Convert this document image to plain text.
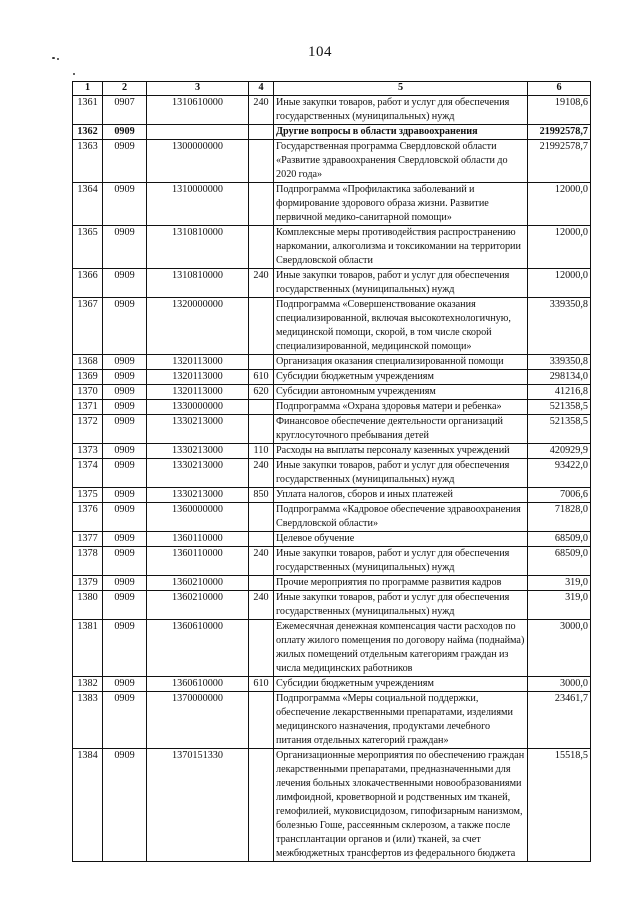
104
1	2	3	4	5	6
1361	0907	1310610000	240	Иные закупки товаров, работ и услуг для обеспечения государственных (муниципальных) нужд	19108,6
1362	0909			Другие вопросы в области здравоохранения	21992578,7
1363	0909	1300000000		Государственная программа Свердловской области «Развитие здравоохранения Свердловской области до 2020 года»	21992578,7
1364	0909	1310000000		Подпрограмма «Профилактика заболеваний и формирование здорового образа жизни. Развитие первичной медико-санитарной помощи»	12000,0
1365	0909	1310810000		Комплексные меры противодействия распространению наркомании, алкоголизма и токсикомании на территории Свердловской области	12000,0
1366	0909	1310810000	240	Иные закупки товаров, работ и услуг для обеспечения государственных (муниципальных) нужд	12000,0
1367	0909	1320000000		Подпрограмма «Совершенствование оказания специализированной, включая высокотехнологичную, медицинской помощи, скорой, в том числе скорой специализированной, медицинской помощи»	339350,8
1368	0909	1320113000		Организация оказания специализированной помощи	339350,8
1369	0909	1320113000	610	Субсидии бюджетным учреждениям	298134,0
1370	0909	1320113000	620	Субсидии автономным учреждениям	41216,8
1371	0909	1330000000		Подпрограмма «Охрана здоровья матери и ребенка»	521358,5
1372	0909	1330213000		Финансовое обеспечение деятельности организаций круглосуточного пребывания детей	521358,5
1373	0909	1330213000	110	Расходы на выплаты персоналу казенных учреждений	420929,9
1374	0909	1330213000	240	Иные закупки товаров, работ и услуг для обеспечения государственных (муниципальных) нужд	93422,0
1375	0909	1330213000	850	Уплата налогов, сборов и иных платежей	7006,6
1376	0909	1360000000		Подпрограмма «Кадровое обеспечение здравоохранения Свердловской области»	71828,0
1377	0909	1360110000		Целевое обучение	68509,0
1378	0909	1360110000	240	Иные закупки товаров, работ и услуг для обеспечения государственных (муниципальных) нужд	68509,0
1379	0909	1360210000		Прочие мероприятия по программе развития кадров	319,0
1380	0909	1360210000	240	Иные закупки товаров, работ и услуг для обеспечения государственных (муниципальных) нужд	319,0
1381	0909	1360610000		Ежемесячная денежная компенсация части расходов по оплату жилого помещения по договору найма (поднайма) жилых помещений отдельным категориям граждан из числа медицинских работников	3000,0
1382	0909	1360610000	610	Субсидии бюджетным учреждениям	3000,0
1383	0909	1370000000		Подпрограмма «Меры социальной поддержки, обеспечение лекарственными препаратами, изделиями медицинского назначения, продуктами лечебного питания отдельных категорий граждан»	23461,7
1384	0909	1370151330		Организационные мероприятия по обеспечению граждан лекарственными препаратами, предназначенными для лечения больных злокачественными новообразованиями лимфоидной, кроветворной и родственных им тканей, гемофилией, муковисцидозом, гипофизарным нанизмом, болезнью Гоше, рассеянным склерозом, а также после трансплантации органов и (или) тканей, за счет межбюджетных трансфертов из федерального бюджета	15518,5
